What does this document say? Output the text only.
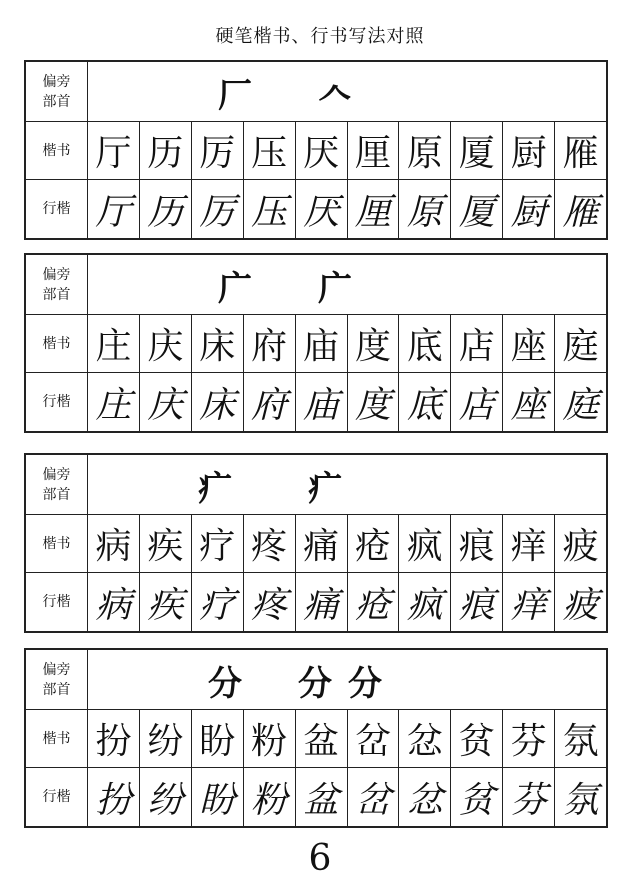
硬笔楷书、行书写法对照
偏旁
部首	厂 𠆢
楷书 厅 历 厉 压 厌 厘 原 厦 厨 雁
行楷 厅 历 厉 压 厌 厘 原 厦 厨 雁
偏旁
部首	广 广
楷书 庄 庆 床 府 庙 度 底 店 座 庭
行楷 庄 庆 床 府 庙 度 底 店 座 庭
偏旁
部首	疒 疒
楷书 病 疾 疗 疼 痛 疮 疯 痕 痒 疲
行楷 病 疾 疗 疼 痛 疮 疯 痕 痒 疲
偏旁
部首	分 分 分
楷书 扮 纷 盼 粉 盆 岔 忿 贫 芬 氛
行楷 扮 纷 盼 粉 盆 岔 忿 贫 芬 氛
6
